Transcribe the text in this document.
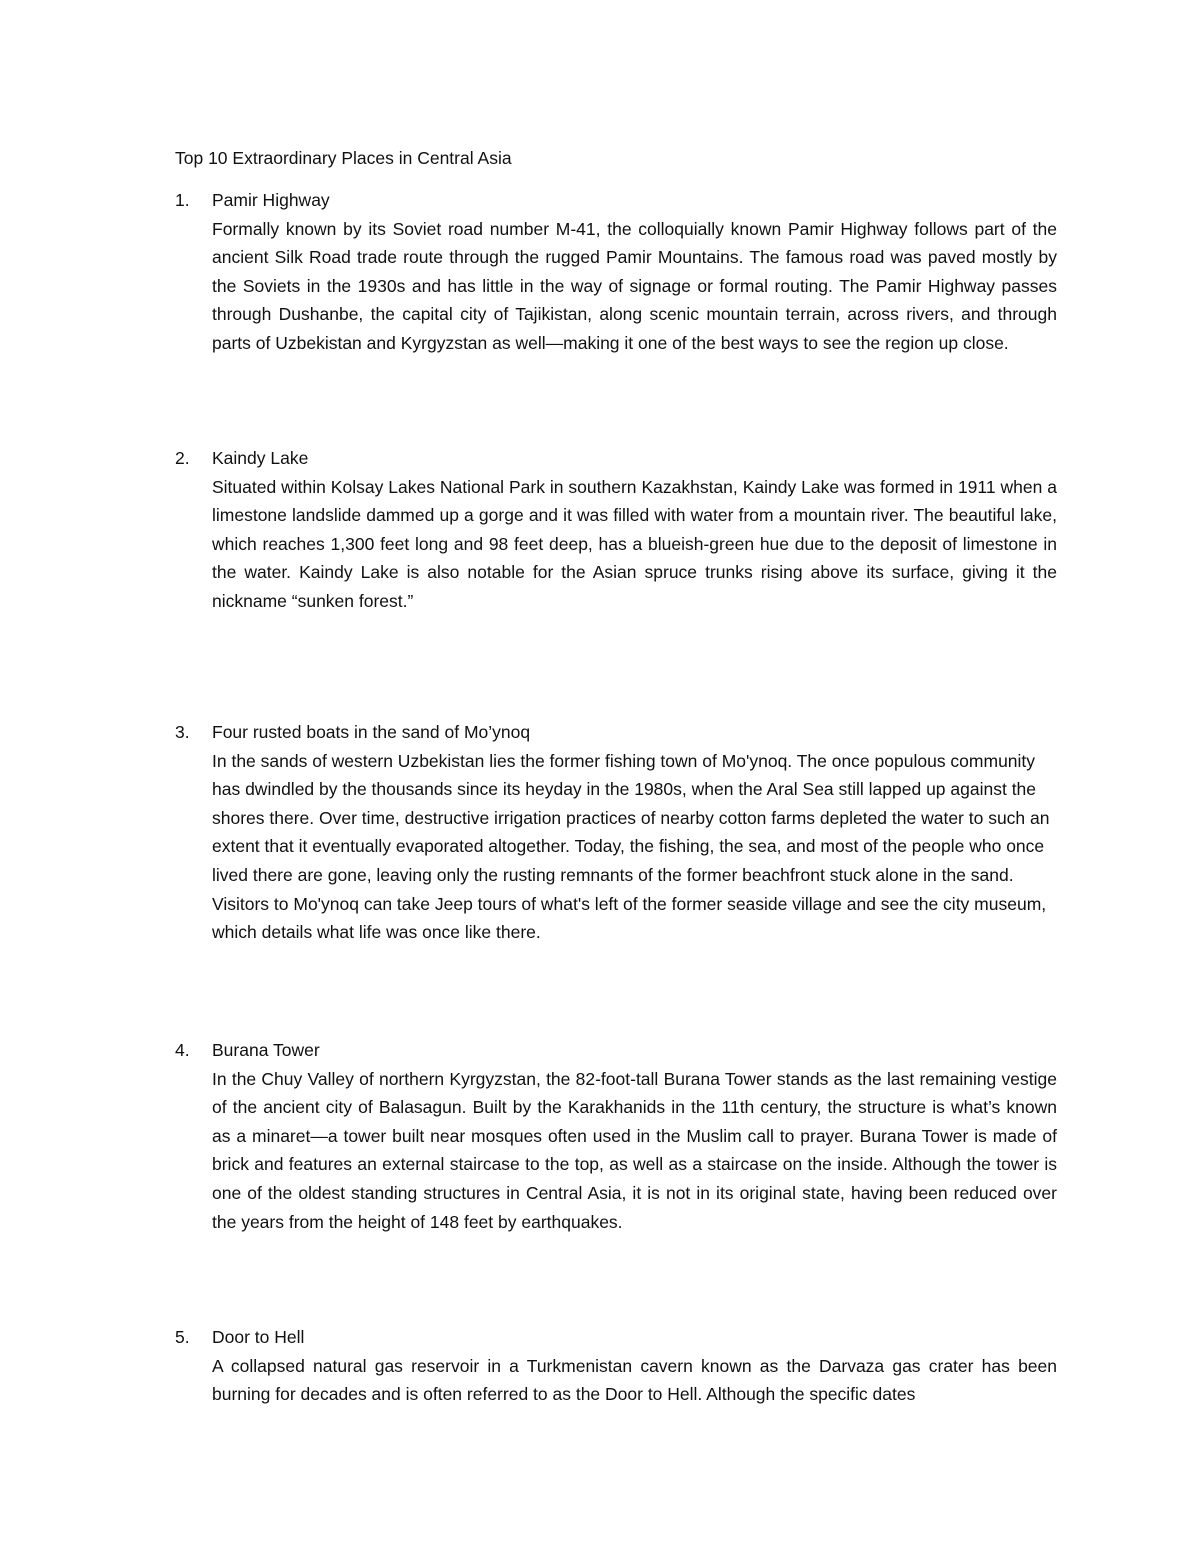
Top 10 Extraordinary Places in Central Asia
1. Pamir Highway

Formally known by its Soviet road number M-41, the colloquially known Pamir Highway follows part of the ancient Silk Road trade route through the rugged Pamir Mountains. The famous road was paved mostly by the Soviets in the 1930s and has little in the way of signage or formal routing. The Pamir Highway passes through Dushanbe, the capital city of Tajikistan, along scenic mountain terrain, across rivers, and through parts of Uzbekistan and Kyrgyzstan as well—making it one of the best ways to see the region up close.

2. Kaindy Lake

Situated within Kolsay Lakes National Park in southern Kazakhstan, Kaindy Lake was formed in 1911 when a limestone landslide dammed up a gorge and it was filled with water from a mountain river. The beautiful lake, which reaches 1,300 feet long and 98 feet deep, has a blueish-green hue due to the deposit of limestone in the water. Kaindy Lake is also notable for the Asian spruce trunks rising above its surface, giving it the nickname “sunken forest.”

3. Four rusted boats in the sand of Mo’ynoq

In the sands of western Uzbekistan lies the former fishing town of Mo'ynoq. The once populous community has dwindled by the thousands since its heyday in the 1980s, when the Aral Sea still lapped up against the shores there. Over time, destructive irrigation practices of nearby cotton farms depleted the water to such an extent that it eventually evaporated altogether. Today, the fishing, the sea, and most of the people who once lived there are gone, leaving only the rusting remnants of the former beachfront stuck alone in the sand. Visitors to Mo'ynoq can take Jeep tours of what's left of the former seaside village and see the city museum, which details what life was once like there.

4. Burana Tower

In the Chuy Valley of northern Kyrgyzstan, the 82-foot-tall Burana Tower stands as the last remaining vestige of the ancient city of Balasagun. Built by the Karakhanids in the 11th century, the structure is what’s known as a minaret—a tower built near mosques often used in the Muslim call to prayer. Burana Tower is made of brick and features an external staircase to the top, as well as a staircase on the inside. Although the tower is one of the oldest standing structures in Central Asia, it is not in its original state, having been reduced over the years from the height of 148 feet by earthquakes.

5. Door to Hell

A collapsed natural gas reservoir in a Turkmenistan cavern known as the Darvaza gas crater has been burning for decades and is often referred to as the Door to Hell. Although the specific dates
